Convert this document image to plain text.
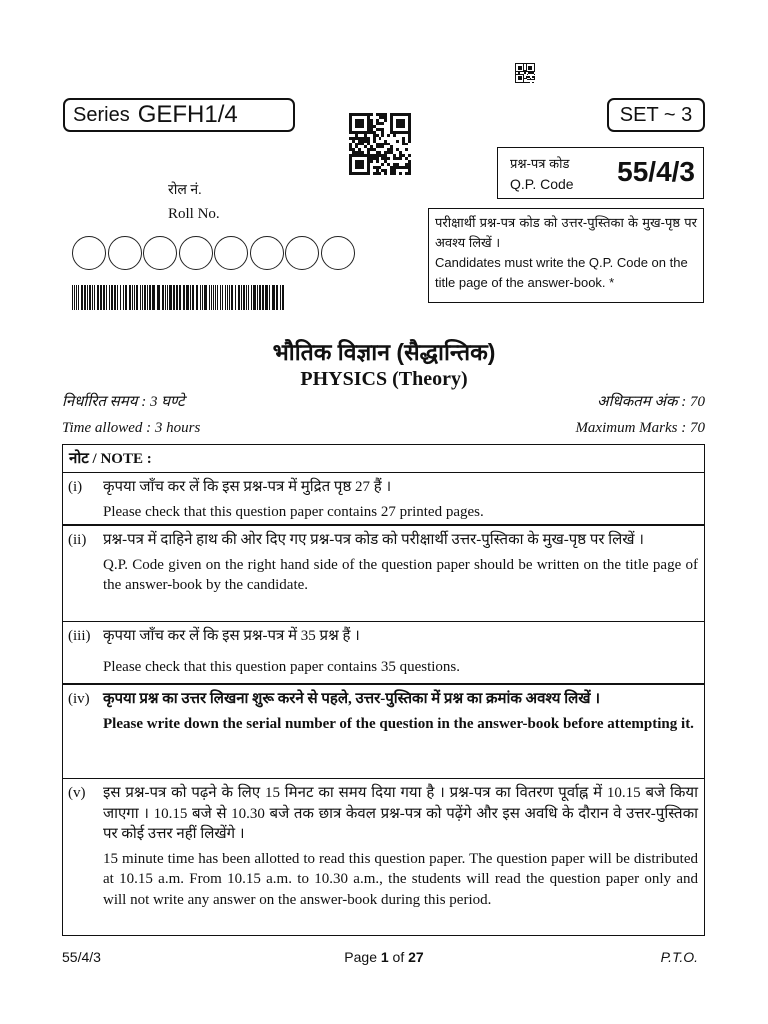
Series GEFH1/4	SET ~ 3
प्रश्न-पत्र कोड
Q.P. Code 55/4/3
रोल नं.
Roll No.
परीक्षार्थी प्रश्न-पत्र कोड को उत्तर-पुस्तिका के मुख-पृष्ठ पर अवश्य लिखें ।
Candidates must write the Q.P. Code on the title page of the answer-book. *
भौतिक विज्ञान (सैद्धान्तिक)
PHYSICS (Theory)
निर्धारित समय : 3 घण्टे	अधिकतम अंक : 70
Time allowed : 3 hours	Maximum Marks : 70
नोट / NOTE :
(i) कृपया जाँच कर लें कि इस प्रश्न-पत्र में मुद्रित पृष्ठ 27 हैं ।

Please check that this question paper contains 27 printed pages.

(ii) प्रश्न-पत्र में दाहिने हाथ की ओर दिए गए प्रश्न-पत्र कोड को परीक्षार्थी उत्तर-पुस्तिका के मुख-पृष्ठ पर लिखें ।

Q.P. Code given on the right hand side of the question paper should be written on the title page of the answer-book by the candidate.

(iii) कृपया जाँच कर लें कि इस प्रश्न-पत्र में 35 प्रश्न हैं ।

Please check that this question paper contains 35 questions.

(iv) कृपया प्रश्न का उत्तर लिखना शुरू करने से पहले, उत्तर-पुस्तिका में प्रश्न का क्रमांक अवश्य लिखें ।

Please write down the serial number of the question in the answer-book before attempting it.

(v) इस प्रश्न-पत्र को पढ़ने के लिए 15 मिनट का समय दिया गया है । प्रश्न-पत्र का वितरण पूर्वाह्न में 10.15 बजे किया जाएगा । 10.15 बजे से 10.30 बजे तक छात्र केवल प्रश्न-पत्र को पढ़ेंगे और इस अवधि के दौरान वे उत्तर-पुस्तिका पर कोई उत्तर नहीं लिखेंगे ।

15 minute time has been allotted to read this question paper. The question paper will be distributed at 10.15 a.m. From 10.15 a.m. to 10.30 a.m., the students will read the question paper only and will not write any answer on the answer-book during this period.

55/4/3	Page 1 of 27	P.T.O.
